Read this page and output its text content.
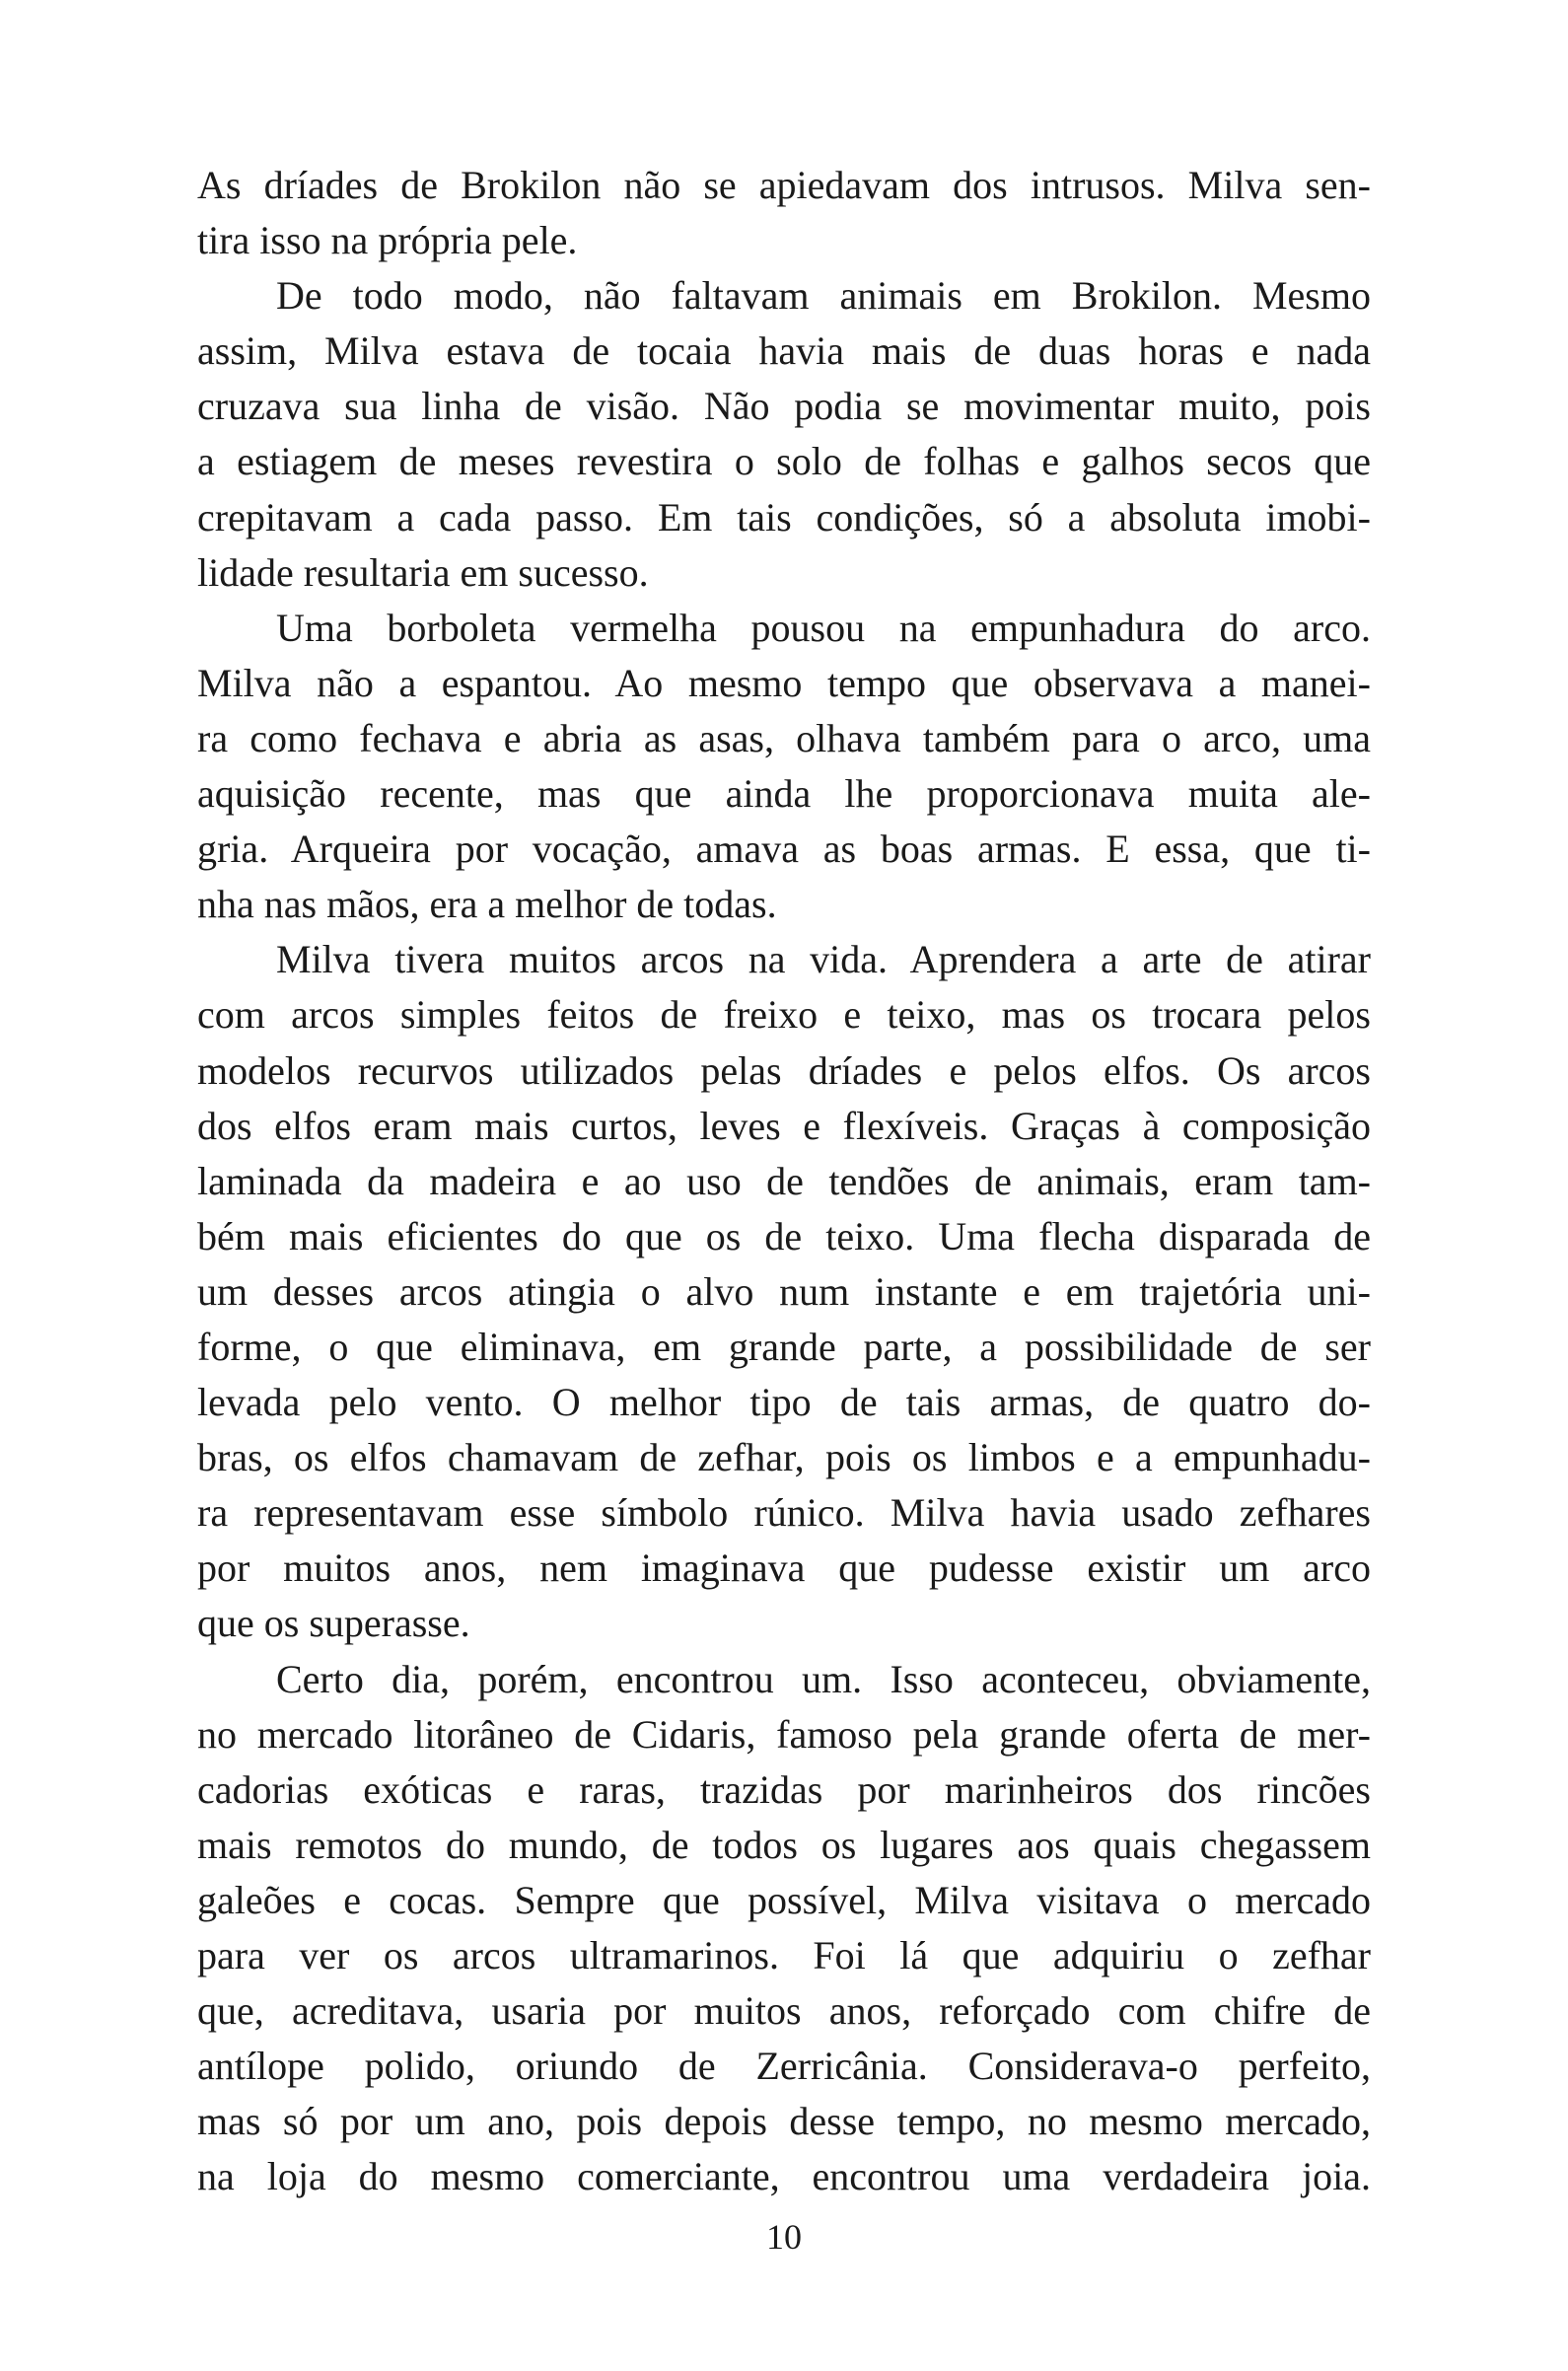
As dríades de Brokilon não se apiedavam dos intrusos. Milva sen-
tira isso na própria pele.
De todo modo, não faltavam animais em Brokilon. Mesmo
assim, Milva estava de tocaia havia mais de duas horas e nada
cruzava sua linha de visão. Não podia se movimentar muito, pois
a estiagem de meses revestira o solo de folhas e galhos secos que
crepitavam a cada passo. Em tais condições, só a absoluta imobi-
lidade resultaria em sucesso.
Uma borboleta vermelha pousou na empunhadura do arco.
Milva não a espantou. Ao mesmo tempo que observava a manei-
ra como fechava e abria as asas, olhava também para o arco, uma
aquisição recente, mas que ainda lhe proporcionava muita ale-
gria. Arqueira por vocação, amava as boas armas. E essa, que ti-
nha nas mãos, era a melhor de todas.
Milva tivera muitos arcos na vida. Aprendera a arte de atirar
com arcos simples feitos de freixo e teixo, mas os trocara pelos
modelos recurvos utilizados pelas dríades e pelos elfos. Os arcos
dos elfos eram mais curtos, leves e flexíveis. Graças à composição
laminada da madeira e ao uso de tendões de animais, eram tam-
bém mais eficientes do que os de teixo. Uma flecha disparada de
um desses arcos atingia o alvo num instante e em trajetória uni-
forme, o que eliminava, em grande parte, a possibilidade de ser
levada pelo vento. O melhor tipo de tais armas, de quatro do-
bras, os elfos chamavam de zefhar, pois os limbos e a empunhadu-
ra representavam esse símbolo rúnico. Milva havia usado zefhares
por muitos anos, nem imaginava que pudesse existir um arco
que os superasse.
Certo dia, porém, encontrou um. Isso aconteceu, obviamente,
no mercado litorâneo de Cidaris, famoso pela grande oferta de mer-
cadorias exóticas e raras, trazidas por marinheiros dos rincões
mais remotos do mundo, de todos os lugares aos quais chegassem
galeões e cocas. Sempre que possível, Milva visitava o mercado
para ver os arcos ultramarinos. Foi lá que adquiriu o zefhar
que, acreditava, usaria por muitos anos, reforçado com chifre de
antílope polido, oriundo de Zerricânia. Considerava-o perfeito,
mas só por um ano, pois depois desse tempo, no mesmo mercado,
na loja do mesmo comerciante, encontrou uma verdadeira joia.
10
